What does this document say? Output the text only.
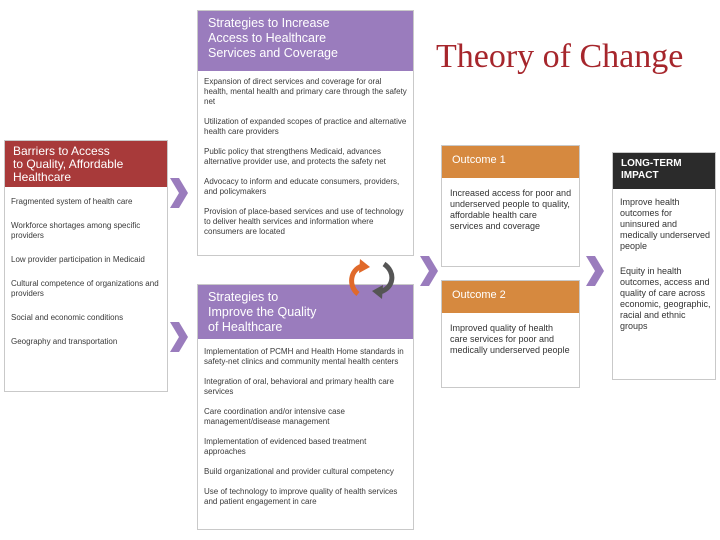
Theory of Change
Barriers to Access
to Quality, Affordable
Healthcare
Fragmented system of health care
Workforce shortages among specific providers
Low provider participation in Medicaid
Cultural competence of organizations and providers
Social and economic conditions
Geography and transportation
Strategies to Increase
Access to Healthcare
Services and Coverage
Expansion of direct services and coverage for oral health, mental health and primary care through the safety net
Utilization of expanded scopes of practice and alternative health care providers
Public policy that strengthens Medicaid, advances alternative provider use, and protects the safety net
Advocacy to inform and educate consumers, providers, and policymakers
Provision of place-based services and use of technology to deliver health services and information where consumers are located
Strategies to
Improve the Quality
of Healthcare
Implementation of PCMH and Health Home standards in safety-net clinics and community mental health centers
Integration of oral, behavioral and primary health care services
Care coordination and/or intensive case management/disease management
Implementation of evidenced based treatment approaches
Build organizational and provider cultural competency
Use of technology to improve quality of health services and patient engagement in care
Outcome 1
Increased access for poor and underserved people to quality, affordable health care services and coverage
Outcome 2
Improved quality of health care services for poor and medically underserved people
LONG-TERM
IMPACT
Improve health outcomes for uninsured and medically underserved people
Equity in health outcomes, access and quality of care across economic, geographic, racial and ethnic groups
